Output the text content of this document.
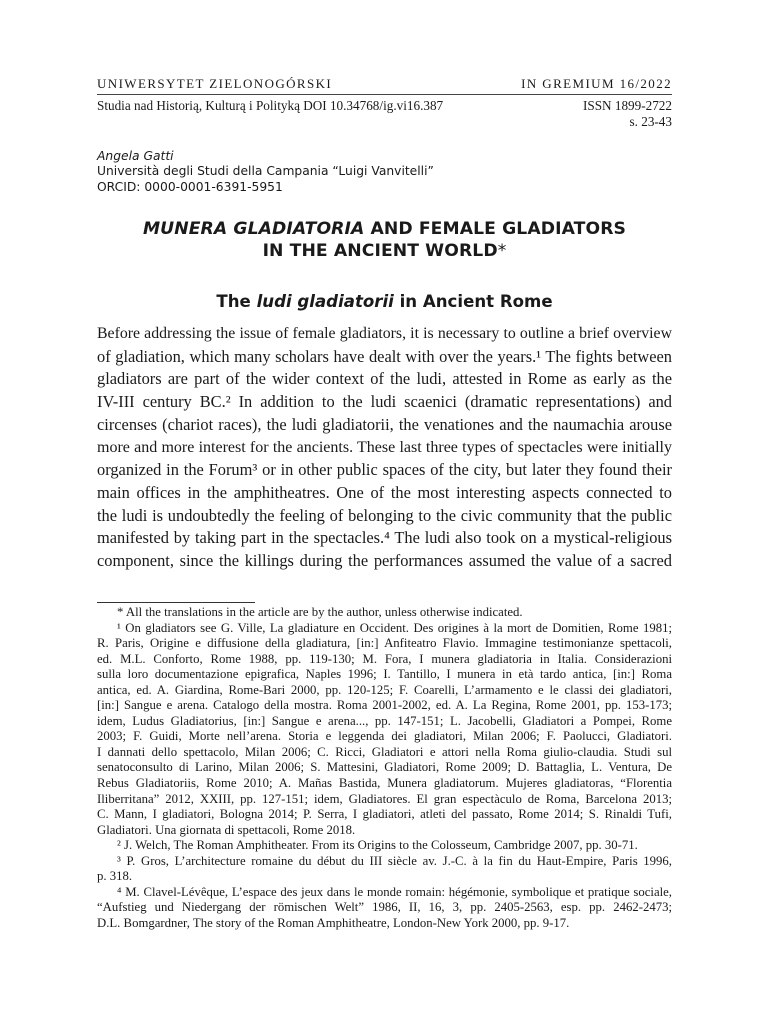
UNIWERSYTET ZIELONOGÓRSKI	IN GREMIUM 16/2022
Studia nad Historią, Kulturą i Polityką DOI 10.34768/ig.vi16.387	ISSN 1899-2722
s. 23-43
Angela Gatti
Università degli Studi della Campania “Luigi Vanvitelli”
ORCID: 0000-0001-6391-5951
MUNERA GLADIATORIA AND FEMALE GLADIATORS
IN THE ANCIENT WORLD*
The ludi gladiatorii in Ancient Rome
Before addressing the issue of female gladiators, it is necessary to outline a brief overview
of gladiation, which many scholars have dealt with over the years.¹ The fights between
gladiators are part of the wider context of the ludi, attested in Rome as early as the
IV-III century BC.² In addition to the ludi scaenici (dramatic representations) and
circenses (chariot races), the ludi gladiatorii, the venationes and the naumachia arouse
more and more interest for the ancients. These last three types of spectacles were initially
organized in the Forum³ or in other public spaces of the city, but later they found their
main offices in the amphitheatres. One of the most interesting aspects connected to
the ludi is undoubtedly the feeling of belonging to the civic community that the public
manifested by taking part in the spectacles.⁴ The ludi also took on a mystical-religious
component, since the killings during the performances assumed the value of a sacred
* All the translations in the article are by the author, unless otherwise indicated.
¹ On gladiators see G. Ville, La gladiature en Occident. Des origines à la mort de Domitien, Rome 1981;
R. Paris, Origine e diffusione della gladiatura, [in:] Anfiteatro Flavio. Immagine testimonianze spettacoli,
ed. M.L. Conforto, Rome 1988, pp. 119-130; M. Fora, I munera gladiatoria in Italia. Considerazioni
sulla loro documentazione epigrafica, Naples 1996; I. Tantillo, I munera in età tardo antica, [in:] Roma
antica, ed. A. Giardina, Rome-Bari 2000, pp. 120-125; F. Coarelli, L’armamento e le classi dei gladiatori,
[in:] Sangue e arena. Catalogo della mostra. Roma 2001-2002, ed. A. La Regina, Rome 2001, pp. 153-173;
idem, Ludus Gladiatorius, [in:] Sangue e arena..., pp. 147-151; L. Jacobelli, Gladiatori a Pompei, Rome
2003; F. Guidi, Morte nell’arena. Storia e leggenda dei gladiatori, Milan 2006; F. Paolucci, Gladiatori.
I dannati dello spettacolo, Milan 2006; C. Ricci, Gladiatori e attori nella Roma giulio-claudia. Studi sul
senatoconsulto di Larino, Milan 2006; S. Mattesini, Gladiatori, Rome 2009; D. Battaglia, L. Ventura, De
Rebus Gladiatoriis, Rome 2010; A. Mañas Bastida, Munera gladiatorum. Mujeres gladiatoras, “Florentia
Iliberritana” 2012, XXIII, pp. 127-151; idem, Gladiatores. El gran espectàculo de Roma, Barcelona 2013;
C. Mann, I gladiatori, Bologna 2014; P. Serra, I gladiatori, atleti del passato, Rome 2014; S. Rinaldi Tufi,
Gladiatori. Una giornata di spettacoli, Rome 2018.
² J. Welch, The Roman Amphitheater. From its Origins to the Colosseum, Cambridge 2007, pp. 30-71.
³ P. Gros, L’architecture romaine du début du III siècle av. J.-C. à la fin du Haut-Empire, Paris 1996,
p. 318.
⁴ M. Clavel-Lévêque, L’espace des jeux dans le monde romain: hégémonie, symbolique et pratique sociale,
“Aufstieg und Niedergang der römischen Welt” 1986, II, 16, 3, pp. 2405-2563, esp. pp. 2462-2473;
D.L. Bomgardner, The story of the Roman Amphitheatre, London-New York 2000, pp. 9-17.
